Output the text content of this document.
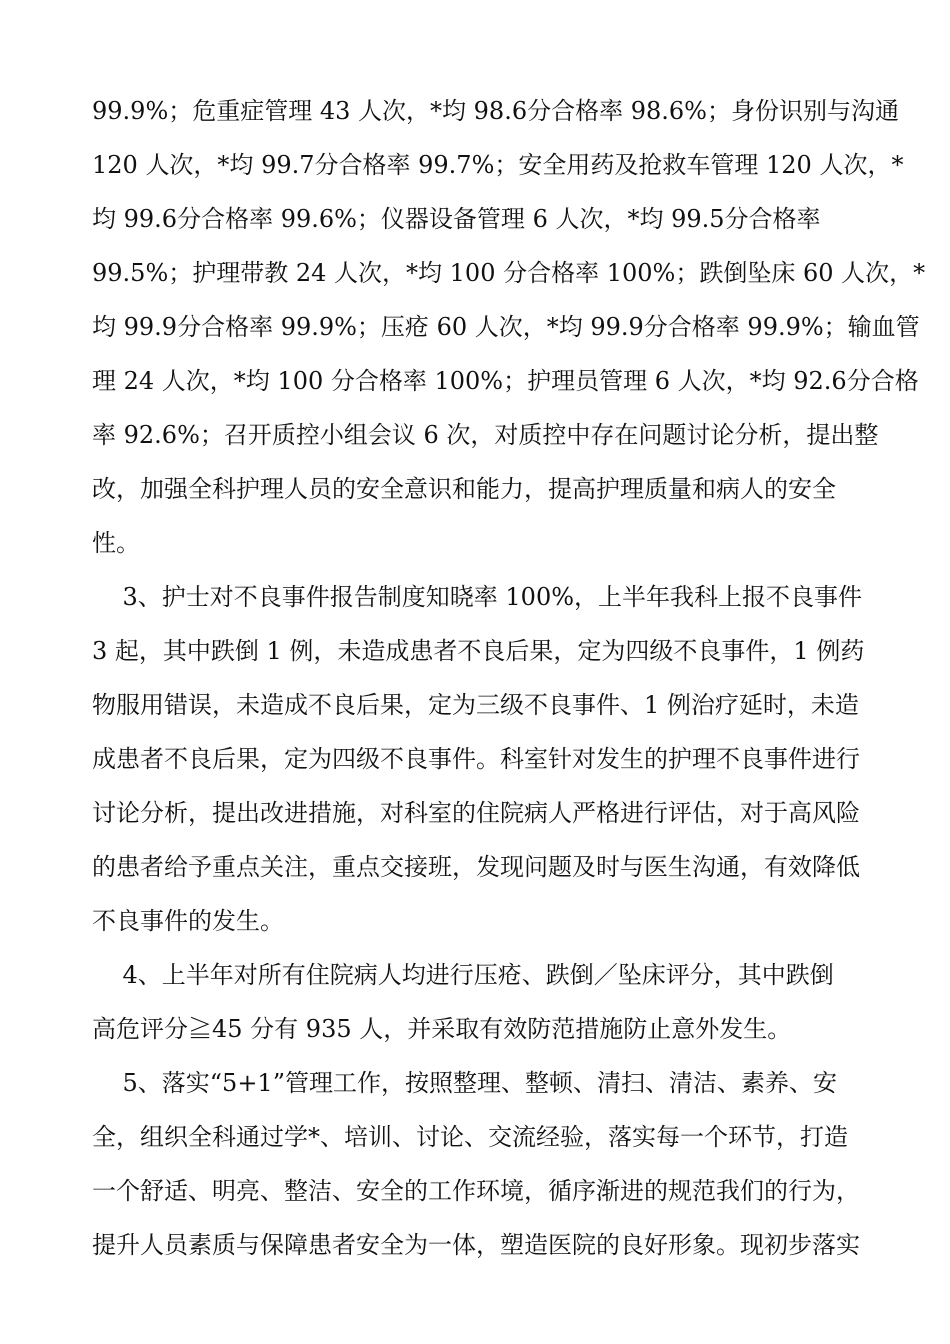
99.9%；危重症管理 43 人次，*均 98.6分合格率 98.6%；身份识别与沟通
120 人次，*均 99.7分合格率 99.7%；安全用药及抢救车管理 120 人次，*
均 99.6分合格率 99.6%；仪器设备管理 6 人次，*均 99.5分合格率
99.5%；护理带教 24 人次，*均 100 分合格率 100%；跌倒坠床 60 人次，*
均 99.9分合格率 99.9%；压疮 60 人次，*均 99.9分合格率 99.9%；输血管
理 24 人次，*均 100 分合格率 100%；护理员管理 6 人次，*均 92.6分合格
率 92.6%；召开质控小组会议 6 次，对质控中存在问题讨论分析，提出整
改，加强全科护理人员的安全意识和能力，提高护理质量和病人的安全
性。
3、护士对不良事件报告制度知晓率 100%，上半年我科上报不良事件
3 起，其中跌倒 1 例，未造成患者不良后果，定为四级不良事件，1 例药
物服用错误，未造成不良后果，定为三级不良事件、1 例治疗延时，未造
成患者不良后果，定为四级不良事件。科室针对发生的护理不良事件进行
讨论分析，提出改进措施，对科室的住院病人严格进行评估，对于高风险
的患者给予重点关注，重点交接班，发现问题及时与医生沟通，有效降低
不良事件的发生。
4、上半年对所有住院病人均进行压疮、跌倒／坠床评分，其中跌倒
高危评分≧45 分有 935 人，并采取有效防范措施防止意外发生。
5、落实“5+1”管理工作，按照整理、整顿、清扫、清洁、素养、安
全，组织全科通过学*、培训、讨论、交流经验，落实每一个环节，打造
一个舒适、明亮、整洁、安全的工作环境，循序渐进的规范我们的行为，
提升人员素质与保障患者安全为一体，塑造医院的良好形象。现初步落实
